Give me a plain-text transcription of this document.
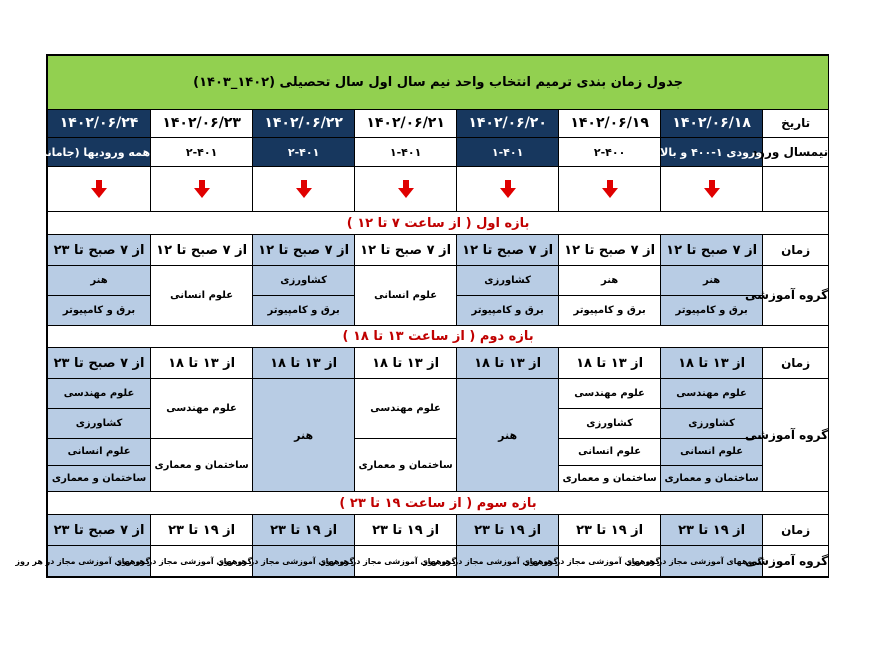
جدول زمان بندی ترمیم انتخاب واحد نیم سال اول سال تحصیلی (۱۴۰۲_۱۴۰۳)							
تاریخ	۱۴۰۲/۰۶/۱۸	۱۴۰۲/۰۶/۱۹	۱۴۰۲/۰۶/۲۰	۱۴۰۲/۰۶/۲۱	۱۴۰۲/۰۶/۲۲	۱۴۰۲/۰۶/۲۳	۱۴۰۲/۰۶/۲۴
نیمسال ورود	ورودی ۱-۴۰۰ و بالاتر	۲-۴۰۰	۱-۴۰۱	۱-۴۰۱	۲-۴۰۱	۲-۴۰۱	همه ورودیها (جامانده)

بازه اول ( از ساعت ۷ تا ۱۲ )							
زمان	از ۷ صبح تا ۱۲	از ۷ صبح تا ۱۲	از ۷ صبح تا ۱۲	از ۷ صبح تا ۱۲	از ۷ صبح تا ۱۲	از ۷ صبح تا ۱۲	از ۷ صبح تا ۲۳
گروه آموزشی	هنر	هنر	کشاورزی	علوم انسانی	کشاورزی	علوم انسانی	هنر
	برق و کامپیوتر	برق و کامپیوتر	برق و کامپیوتر		برق و کامپیوتر		برق و کامپیوتر
بازه دوم ( از ساعت ۱۳ تا ۱۸ )							
زمان	از ۱۳ تا ۱۸	از ۱۳ تا ۱۸	از ۱۳ تا ۱۸	از ۱۳ تا ۱۸	از ۱۳ تا ۱۸	از ۱۳ تا ۱۸	از ۷ صبح تا ۲۳
گروه آموزشی	علوم مهندسی	علوم مهندسی	هنر	علوم مهندسی	هنر	علوم مهندسی	علوم مهندسی
	کشاورزی	کشاورزی					کشاورزی
	علوم انسانی	علوم انسانی		ساختمان و معماری		ساختمان و معماری	علوم انسانی
	ساختمان و معماری	ساختمان و معماری					ساختمان و معماری
بازه سوم ( از ساعت ۱۹ تا ۲۳ )							
زمان	از ۱۹ تا ۲۳	از ۱۹ تا ۲۳	از ۱۹ تا ۲۳	از ۱۹ تا ۲۳	از ۱۹ تا ۲۳	از ۱۹ تا ۲۳	از ۷ صبح تا ۲۳
گروه آموزشی	گروههای آموزشی مجاز در هر روز	گروههای آموزشی مجاز در هر روز	گروههای آموزشی مجاز در هر روز	گروههای آموزشی مجاز در هر روز	گروههای آموزشی مجاز در هر روز	گروههای آموزشی مجاز در هر روز	گروههای آموزشی مجاز در هر روز
